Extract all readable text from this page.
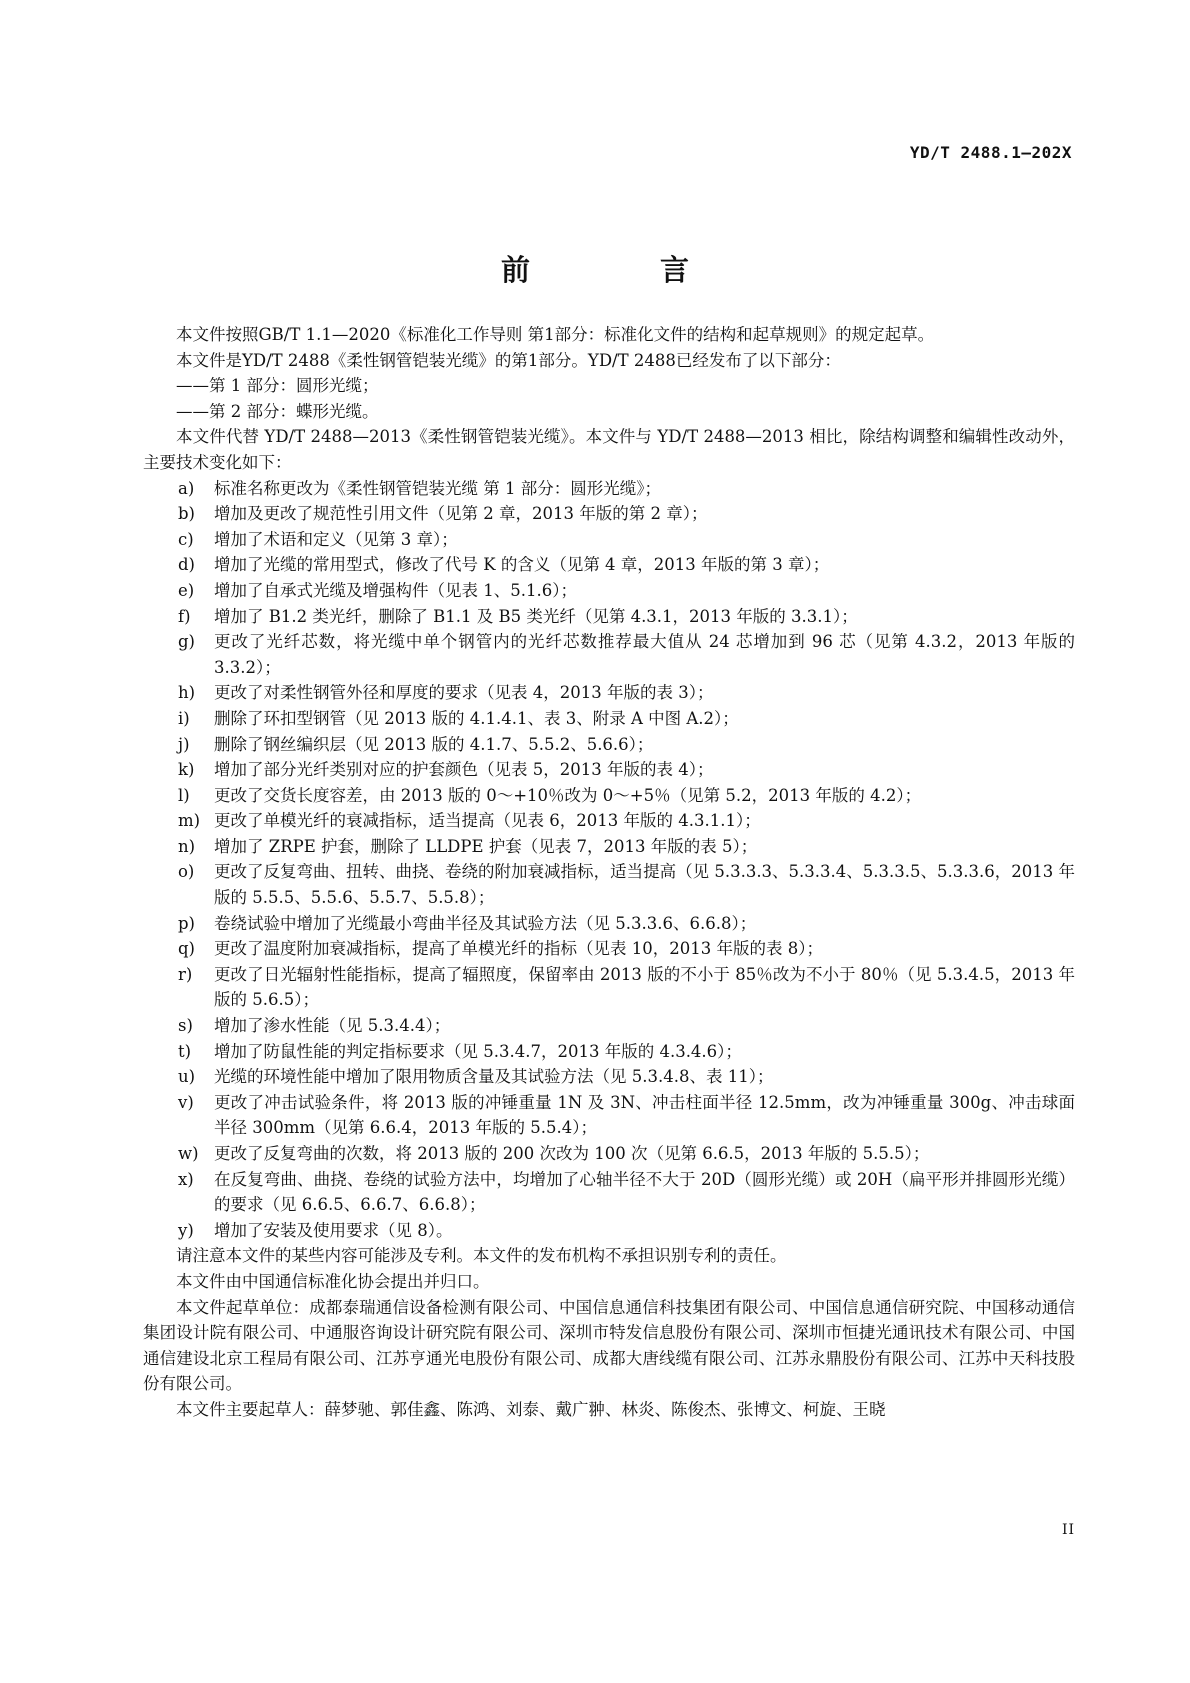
YD/T 2488.1—202X
前 言

本文件按照GB/T 1.1—2020《标准化工作导则 第1部分：标准化文件的结构和起草规则》的规定起草。

本文件是YD/T 2488《柔性钢管铠装光缆》的第1部分。YD/T 2488已经发布了以下部分：

——第 1 部分：圆形光缆；

——第 2 部分：蝶形光缆。

本文件代替 YD/T 2488—2013《柔性钢管铠装光缆》。本文件与 YD/T 2488—2013 相比，除结构调整和编辑性改动外，主要技术变化如下：

a)	标准名称更改为《柔性钢管铠装光缆 第 1 部分：圆形光缆》；
b)	增加及更改了规范性引用文件（见第 2 章，2013 年版的第 2 章）；
c)	增加了术语和定义（见第 3 章）；
d)	增加了光缆的常用型式，修改了代号 K 的含义（见第 4 章，2013 年版的第 3 章）；
e)	增加了自承式光缆及增强构件（见表 1、5.1.6）；
f)	增加了 B1.2 类光纤，删除了 B1.1 及 B5 类光纤（见第 4.3.1，2013 年版的 3.3.1）；
g)	更改了光纤芯数，将光缆中单个钢管内的光纤芯数推荐最大值从 24 芯增加到 96 芯（见第 4.3.2，2013 年版的 3.3.2）；
h)	更改了对柔性钢管外径和厚度的要求（见表 4，2013 年版的表 3）；
i)	删除了环扣型钢管（见 2013 版的 4.1.4.1、表 3、附录 A 中图 A.2）；
j)	删除了钢丝编织层（见 2013 版的 4.1.7、5.5.2、5.6.6）；
k)	增加了部分光纤类别对应的护套颜色（见表 5，2013 年版的表 4）；
l)	更改了交货长度容差，由 2013 版的 0～+10％改为 0～+5％（见第 5.2，2013 年版的 4.2）；
m) 更改了单模光纤的衰减指标，适当提高（见表 6，2013 年版的 4.3.1.1）；
n)	增加了 ZRPE 护套，删除了 LLDPE 护套（见表 7，2013 年版的表 5）；
o)	更改了反复弯曲、扭转、曲挠、卷绕的附加衰减指标，适当提高（见 5.3.3.3、5.3.3.4、5.3.3.5、5.3.3.6，2013 年版的 5.5.5、5.5.6、5.5.7、5.5.8）；
p)	卷绕试验中增加了光缆最小弯曲半径及其试验方法（见 5.3.3.6、6.6.8）；
q)	更改了温度附加衰减指标，提高了单模光纤的指标（见表 10，2013 年版的表 8）；
r)	更改了日光辐射性能指标，提高了辐照度，保留率由 2013 版的不小于 85％改为不小于 80％（见 5.3.4.5，2013 年版的 5.6.5）；
s)	增加了渗水性能（见 5.3.4.4）；
t)	增加了防鼠性能的判定指标要求（见 5.3.4.7，2013 年版的 4.3.4.6）；
u)	光缆的环境性能中增加了限用物质含量及其试验方法（见 5.3.4.8、表 11）；
v)	更改了冲击试验条件，将 2013 版的冲锤重量 1N 及 3N、冲击柱面半径 12.5mm，改为冲锤重量 300g、冲击球面半径 300mm（见第 6.6.4，2013 年版的 5.5.4）；
w) 更改了反复弯曲的次数，将 2013 版的 200 次改为 100 次（见第 6.6.5，2013 年版的 5.5.5）；
x)	在反复弯曲、曲挠、卷绕的试验方法中，均增加了心轴半径不大于 20D（圆形光缆）或 20H（扁平形并排圆形光缆）的要求（见 6.6.5、6.6.7、6.6.8）；
y)	增加了安装及使用要求（见 8）。

请注意本文件的某些内容可能涉及专利。本文件的发布机构不承担识别专利的责任。

本文件由中国通信标准化协会提出并归口。

本文件起草单位：成都泰瑞通信设备检测有限公司、中国信息通信科技集团有限公司、中国信息通信研究院、中国移动通信集团设计院有限公司、中通服咨询设计研究院有限公司、深圳市特发信息股份有限公司、深圳市恒捷光通讯技术有限公司、中国通信建设北京工程局有限公司、江苏亨通光电股份有限公司、成都大唐线缆有限公司、江苏永鼎股份有限公司、江苏中天科技股份有限公司。

本文件主要起草人：薛梦驰、郭佳鑫、陈鸿、刘泰、戴广翀、林炎、陈俊杰、张博文、柯旋、王晓

II
